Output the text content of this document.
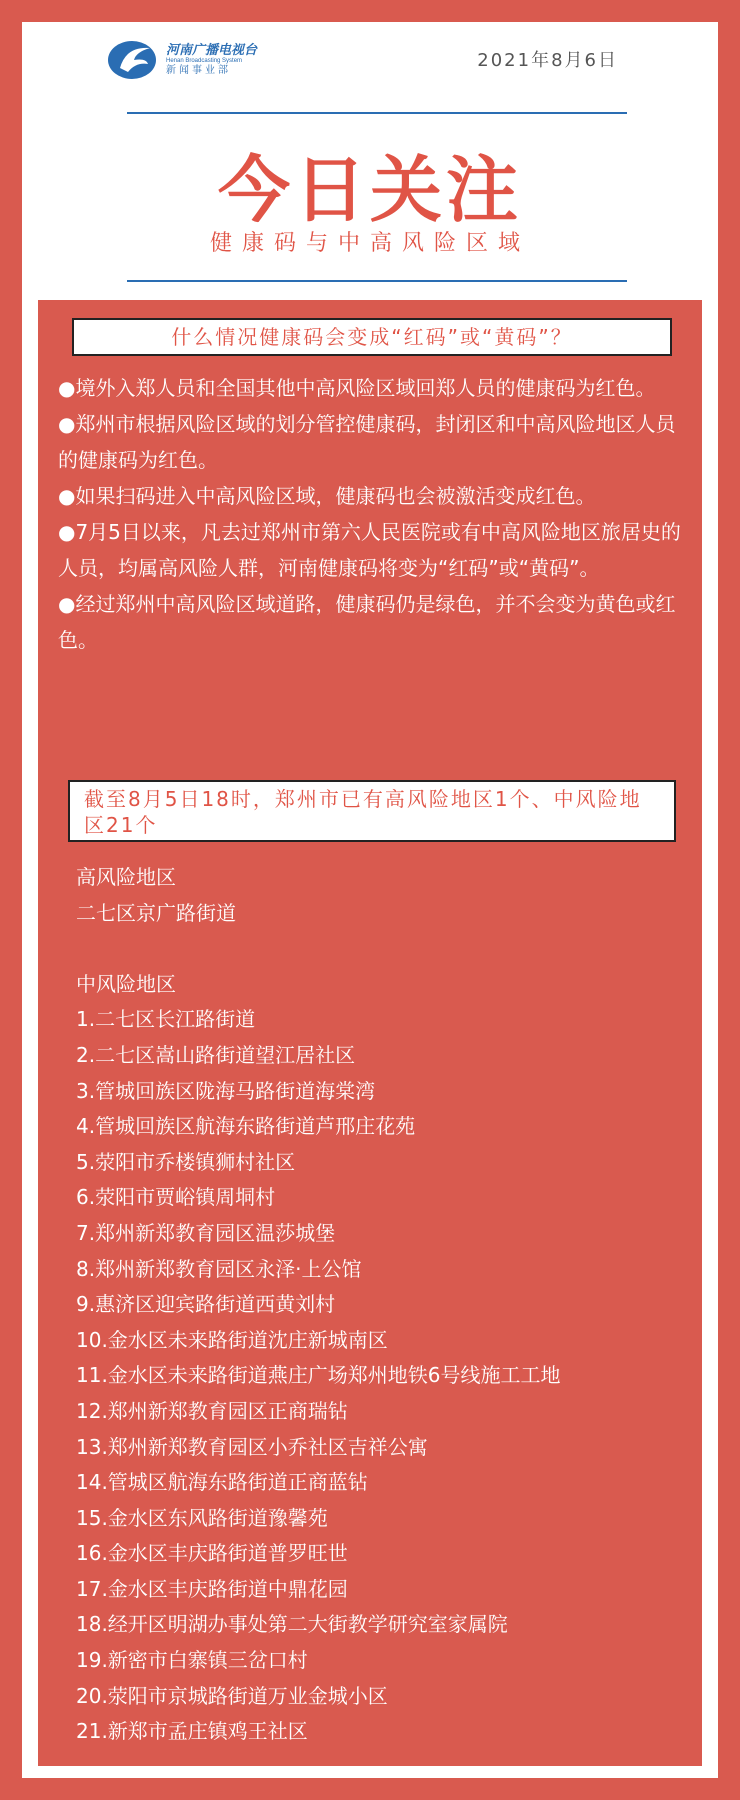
河南广播电视台
Henan Broadcasting System
新闻事业部	2021年8月6日
今日关注
健康码与中高风险区域
什么情况健康码会变成“红码”或“黄码”？

●境外入郑人员和全国其他中高风险区域回郑人员的健康码为红色。

●郑州市根据风险区域的划分管控健康码，封闭区和中高风险地区人员的健康码为红色。

●如果扫码进入中高风险区域，健康码也会被激活变成红色。

●7月5日以来，凡去过郑州市第六人民医院或有中高风险地区旅居史的人员，均属高风险人群，河南健康码将变为“红码”或“黄码”。

●经过郑州中高风险区域道路，健康码仍是绿色，并不会变为黄色或红色。

截至8月5日18时，郑州市已有高风险地区1个、中风险地区21个
高风险地区
二七区京广路街道
中风险地区
1.二七区长江路街道
2.二七区嵩山路街道望江居社区
3.管城回族区陇海马路街道海棠湾
4.管城回族区航海东路街道芦邢庄花苑
5.荥阳市乔楼镇狮村社区
6.荥阳市贾峪镇周垌村
7.郑州新郑教育园区温莎城堡
8.郑州新郑教育园区永泽·上公馆
9.惠济区迎宾路街道西黄刘村
10.金水区未来路街道沈庄新城南区
11.金水区未来路街道燕庄广场郑州地铁6号线施工工地
12.郑州新郑教育园区正商瑞钻
13.郑州新郑教育园区小乔社区吉祥公寓
14.管城区航海东路街道正商蓝钻
15.金水区东风路街道豫馨苑
16.金水区丰庆路街道普罗旺世
17.金水区丰庆路街道中鼎花园
18.经开区明湖办事处第二大街教学研究室家属院
19.新密市白寨镇三岔口村
20.荥阳市京城路街道万业金城小区
21.新郑市孟庄镇鸡王社区
